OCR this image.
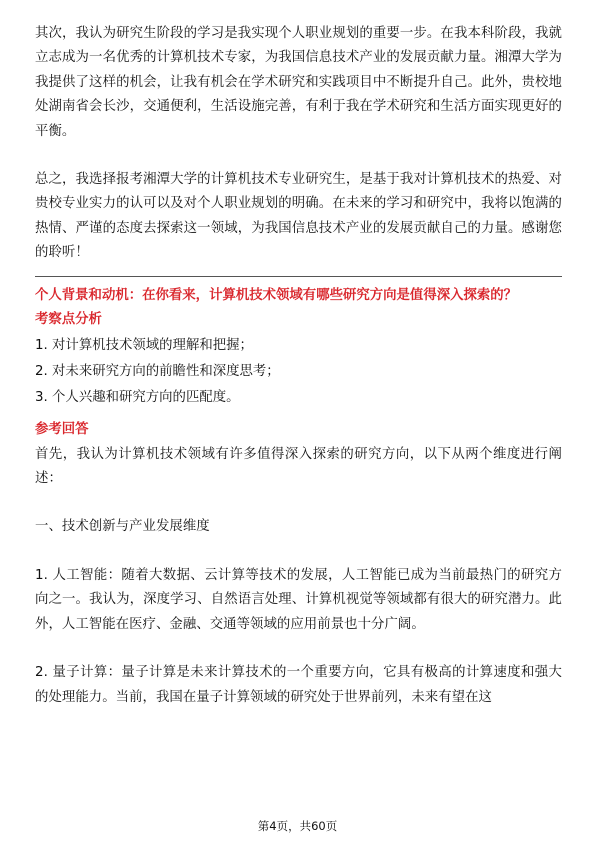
其次，我认为研究生阶段的学习是我实现个人职业规划的重要一步。在我本科阶段，我就立志成为一名优秀的计算机技术专家，为我国信息技术产业的发展贡献力量。湘潭大学为我提供了这样的机会，让我有机会在学术研究和实践项目中不断提升自己。此外，贵校地处湖南省会长沙，交通便利，生活设施完善，有利于我在学术研究和生活方面实现更好的平衡。

总之，我选择报考湘潭大学的计算机技术专业研究生，是基于我对计算机技术的热爱、对贵校专业实力的认可以及对个人职业规划的明确。在未来的学习和研究中，我将以饱满的热情、严谨的态度去探索这一领域，为我国信息技术产业的发展贡献自己的力量。感谢您的聆听！

个人背景和动机：在你看来，计算机技术领域有哪些研究方向是值得深入探索的？

考察点分析

1. 对计算机技术领域的理解和把握；

2. 对未来研究方向的前瞻性和深度思考；

3. 个人兴趣和研究方向的匹配度。

参考回答

首先，我认为计算机技术领域有许多值得深入探索的研究方向，以下从两个维度进行阐述：

一、技术创新与产业发展维度

1. 人工智能：随着大数据、云计算等技术的发展，人工智能已成为当前最热门的研究方向之一。我认为，深度学习、自然语言处理、计算机视觉等领域都有很大的研究潜力。此外，人工智能在医疗、金融、交通等领域的应用前景也十分广阔。

2. 量子计算：量子计算是未来计算技术的一个重要方向，它具有极高的计算速度和强大的处理能力。当前，我国在量子计算领域的研究处于世界前列，未来有望在这

第4页，共60页
